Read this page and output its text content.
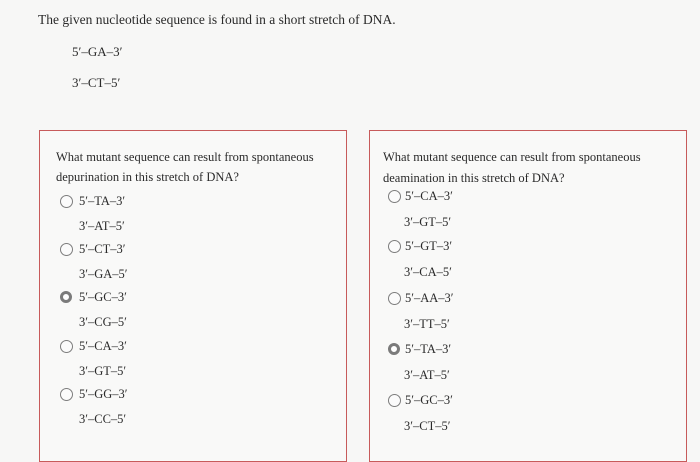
The given nucleotide sequence is found in a short stretch of DNA.
5′–GA–3′
3′–CT–5′
What mutant sequence can result from spontaneous
depurination in this stretch of DNA?
5′–TA–3′
3′–AT–5′
5′–CT–3′
3′–GA–5′
5′–GC–3′
3′–CG–5′
5′–CA–3′
3′–GT–5′
5′–GG–3′
3′–CC–5′
What mutant sequence can result from spontaneous
deamination in this stretch of DNA?
5′–CA–3′
3′–GT–5′
5′–GT–3′
3′–CA–5′
5′–AA–3′
3′–TT–5′
5′–TA–3′
3′–AT–5′
5′–GC–3′
3′–CT–5′
